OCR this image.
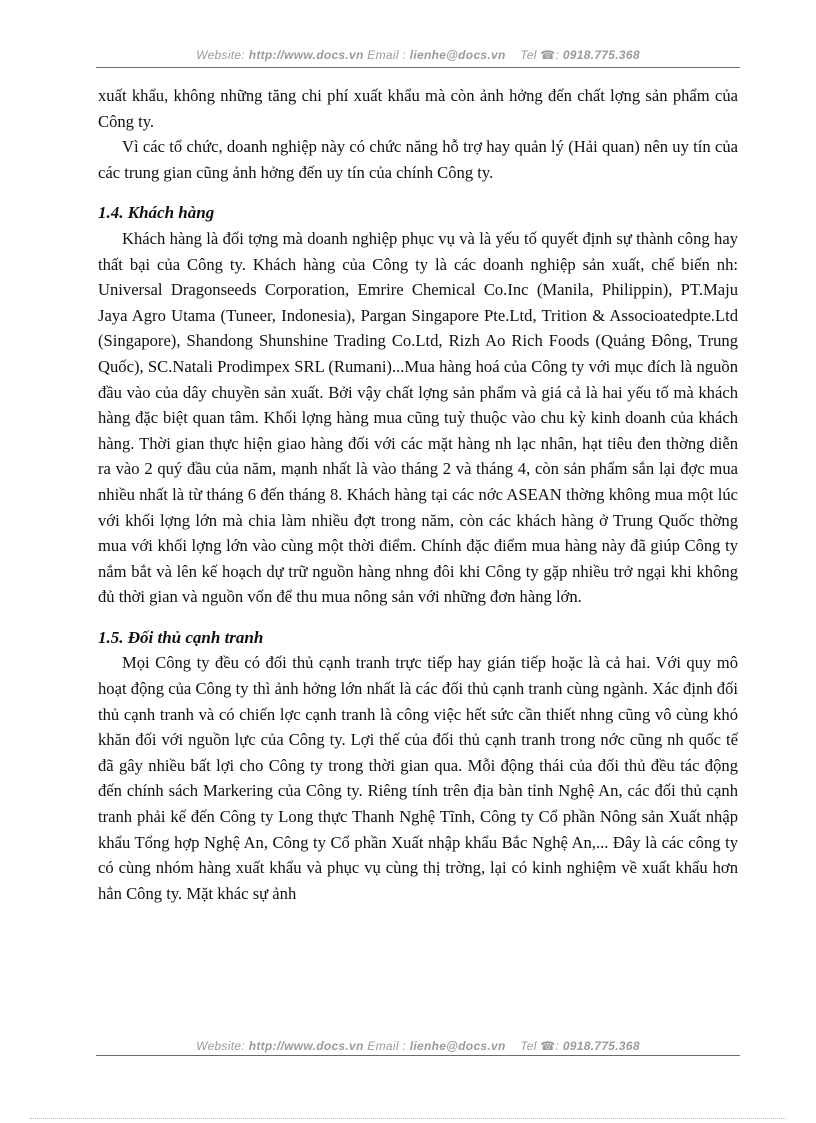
Website: http://www.docs.vn Email : lienhe@docs.vn Tel ☎: 0918.775.368

xuất khẩu, không những tăng chi phí xuất khẩu mà còn ảnh hởng đến chất lợng sản phẩm của Công ty.

Vì các tổ chức, doanh nghiệp này có chức năng hỗ trợ hay quản lý (Hải quan) nên uy tín của các trung gian cũng ảnh hởng đến uy tín của chính Công ty.

1.4. Khách hàng

Khách hàng là đối tợng mà doanh nghiệp phục vụ và là yếu tố quyết định sự thành công hay thất bại của Công ty. Khách hàng của Công ty là các doanh nghiệp sản xuất, chế biến nh: Universal Dragonseeds Corporation, Emrire Chemical Co.Inc (Manila, Philippin), PT.Maju Jaya Agro Utama (Tuneer, Indonesia), Pargan Singapore Pte.Ltd, Trition & Associoatedpte.Ltd (Singapore), Shandong Shunshine Trading Co.Ltd, Rizh Ao Rich Foods (Quảng Đông, Trung Quốc), SC.Natali Prodimpex SRL (Rumani)...Mua hàng hoá của Công ty với mục đích là nguồn đầu vào của dây chuyền sản xuất. Bởi vậy chất lợng sản phẩm và giá cả là hai yếu tố mà khách hàng đặc biệt quan tâm. Khối lợng hàng mua cũng tuỳ thuộc vào chu kỳ kinh doanh của khách hàng. Thời gian thực hiện giao hàng đối với các mặt hàng nh lạc nhân, hạt tiêu đen thờng diễn ra vào 2 quý đầu của năm, mạnh nhất là vào tháng 2 và tháng 4, còn sản phẩm sắn lại đợc mua nhiều nhất là từ tháng 6 đến tháng 8. Khách hàng tại các nớc ASEAN thờng không mua một lúc với khối lợng lớn mà chia làm nhiều đợt trong năm, còn các khách hàng ở Trung Quốc thờng mua với khối lợng lớn vào cùng một thời điểm. Chính đặc điểm mua hàng này đã giúp Công ty nắm bắt và lên kế hoạch dự trữ nguồn hàng nhng đôi khi Công ty gặp nhiều trở ngại khi không đủ thời gian và nguồn vốn để thu mua nông sản với những đơn hàng lớn.

1.5. Đối thủ cạnh tranh

Mọi Công ty đều có đối thủ cạnh tranh trực tiếp hay gián tiếp hoặc là cả hai. Với quy mô hoạt động của Công ty thì ảnh hởng lớn nhất là các đối thủ cạnh tranh cùng ngành. Xác định đối thủ cạnh tranh và có chiến lợc cạnh tranh là công việc hết sức cần thiết nhng cũng vô cùng khó khăn đối với nguồn lực của Công ty. Lợi thế của đối thủ cạnh tranh trong nớc cũng nh quốc tế đã gây nhiều bất lợi cho Công ty trong thời gian qua. Mỗi động thái của đối thủ đều tác động đến chính sách Markering của Công ty. Riêng tính trên địa bàn tỉnh Nghệ An, các đối thủ cạnh tranh phải kể đến Công ty Long thực Thanh Nghệ Tĩnh, Công ty Cổ phần Nông sản Xuất nhập khẩu Tổng hợp Nghệ An, Công ty Cổ phần Xuất nhập khẩu Bắc Nghệ An,... Đây là các công ty có cùng nhóm hàng xuất khẩu và phục vụ cùng thị trờng, lại có kinh nghiệm về xuất khẩu hơn hẳn Công ty. Mặt khác sự ảnh

Website: http://www.docs.vn Email : lienhe@docs.vn Tel ☎: 0918.775.368
